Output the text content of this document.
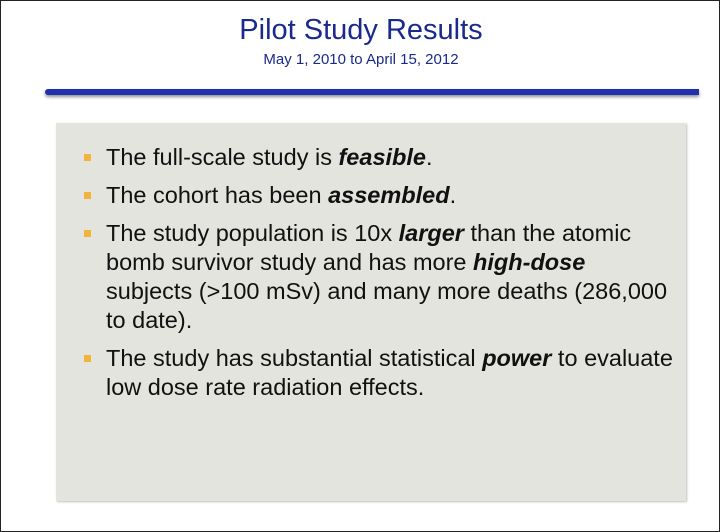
Pilot Study Results
May 1, 2010 to April 15, 2012
The full-scale study is feasible.
The cohort has been assembled.
The study population is 10x larger than the atomic bomb survivor study and has more high-dose subjects (>100 mSv) and many more deaths (286,000 to date).
The study has substantial statistical power to evaluate low dose rate radiation effects.
